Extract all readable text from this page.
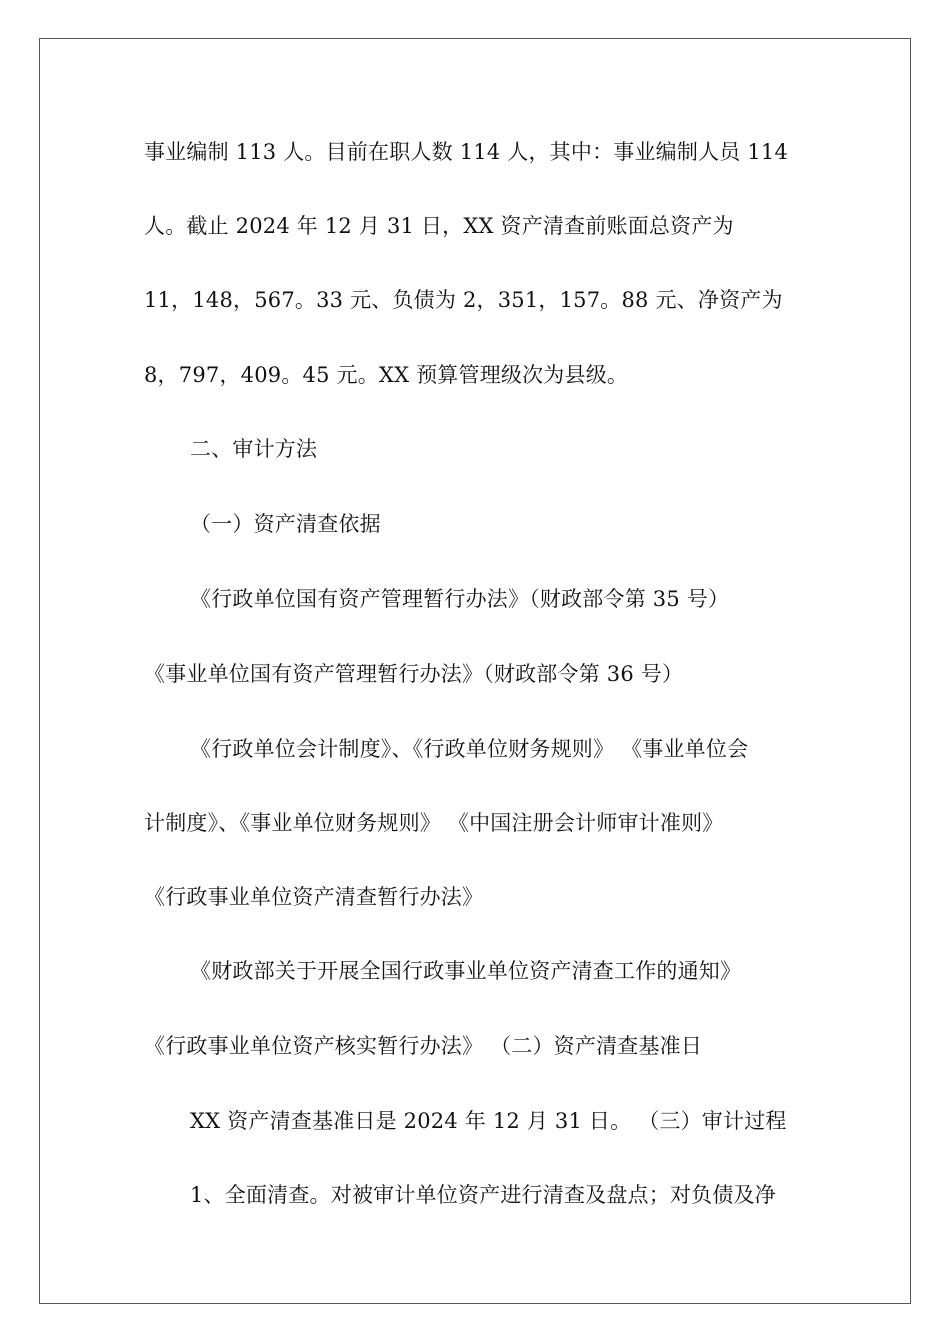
事业编制 113 人。目前在职人数 114 人，其中：事业编制人员 114
人。截止 2024 年 12 月 31 日，XX 资产清查前账面总资产为
11，148，567。33 元、负债为 2，351，157。88 元、净资产为
8，797，409。45 元。XX 预算管理级次为县级。
二、审计方法
（一）资产清查依据
《行政单位国有资产管理暂行办法》（财政部令第 35 号）
《事业单位国有资产管理暂行办法》（财政部令第 36 号）
《行政单位会计制度》、《行政单位财务规则》 《事业单位会
计制度》、《事业单位财务规则》 《中国注册会计师审计准则》
《行政事业单位资产清查暂行办法》
《财政部关于开展全国行政事业单位资产清查工作的通知》
《行政事业单位资产核实暂行办法》 （二）资产清查基准日
XX 资产清查基准日是 2024 年 12 月 31 日。 （三）审计过程
1、全面清查。对被审计单位资产进行清查及盘点；对负债及净
